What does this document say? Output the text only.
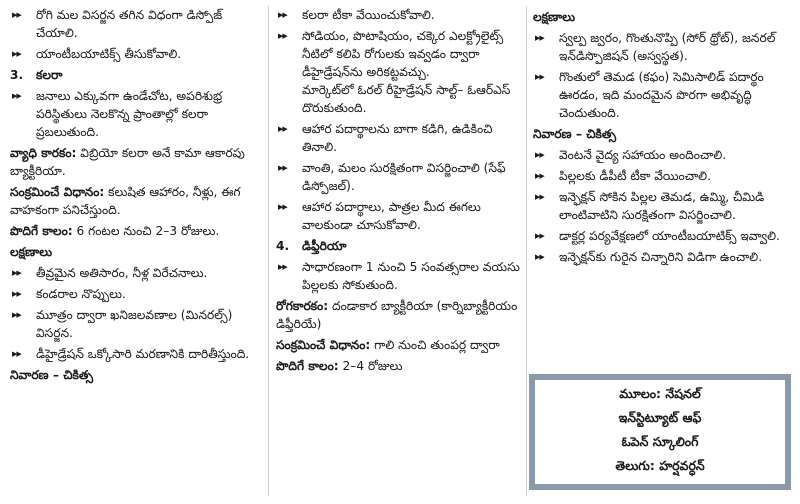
▶▶ రోగి మల విసర్జన తగిన విధంగా డిస్పోజ్‌ చేయాలి.
▶▶ యాంటీబయాటిక్స్‌ తీసుకోవాలి.
3. కలరా
▶▶ జనాలు ఎక్కువగా ఉండేచోట, అపరిశుభ్ర పరిస్థితులు నెలకొన్న ప్రాంతాల్లో కలరా ప్రబలుతుంది.
వ్యాధి కారకం: విబ్రియో కలరా అనే కామా ఆకారపు బ్యాక్టీరియా.
సంక్రమించే విధానం: కలుషిత ఆహారం, నీళ్లు, ఈగ వాహకంగా పనిచేస్తుంది.
పొదిగే కాలం: 6 గంటల నుంచి 2–3 రోజులు.
లక్షణాలు
▶▶ తీవ్రమైన అతిసారం, నీళ్ల విరేచనాలు.
▶▶ కండరాల నొప్పులు.
▶▶ మూత్రం ద్వారా ఖనిజలవణాల (మినరల్స్‌) విసర్జన.
▶▶ డీహైడ్రేషన్‌ ఒక్కోసారి మరణానికి దారితీస్తుంది.
నివారణ – చికిత్స
▶▶ కలరా టీకా వేయించుకోవాలి.
▶▶ సోడియం, పొటాషియం, చక్కెర ఎలక్ట్రోలైట్స్‌ నీటిలో కలిపి రోగులకు ఇవ్వడం ద్వారా డీహైడ్రేషన్‌ను అరికట్టవచ్చు.
మార్కెట్‌లో ఓరల్‌ రీహైడ్రేషన్‌ సాల్ట్‌– ఓఆర్‌ఎస్‌ దొరుకుతుంది.
▶▶ ఆహార పదార్థాలను బాగా కడిగి, ఉడికించి తినాలి.
▶▶ వాంతి, మలం సురక్షితంగా విసర్జించాలి (సేఫ్‌ డిస్పోజల్‌).
▶▶ ఆహార పదార్థాలు, పాత్రల మీద ఈగలు వాలకుండా చూసుకోవాలి.
4. డిఫ్తీరియా
▶▶ సాధారణంగా 1 నుంచి 5 సంవత్సరాల వయసు పిల్లలకు సోకుతుంది.
రోగకారకం: దండాకార బ్యాక్టీరియా (కార్నిబ్యాక్టీరియం డిఫ్తీరియే)
సంక్రమించే విధానం: గాలి నుంచి తుంపర్ల ద్వారా
పొదిగే కాలం: 2–4 రోజులు
లక్షణాలు
▶▶ స్వల్ప జ్వరం, గొంతునొప్పి (సోర్‌ థ్రోట్‌), జనరల్‌ ఇన్‌డిస్పొజిషన్‌ (అస్వస్థత).
▶▶ గొంతులో తెమడ (కఫం) సెమిసాలిడ్‌ పదార్థం ఊరడం, ఇది మందమైన పొరగా అభివృద్ధి చెందుతుంది.
నివారణ – చికిత్స
▶▶ వెంటనే వైద్య సహాయం అందించాలి.
▶▶ పిల్లలకు డీపీటీ టీకా వేయించాలి.
▶▶ ఇన్ఫెక్షన్‌ సోకిన పిల్లల తెమడ, ఉమ్మి, చీమిడి లాంటివాటిని సురక్షితంగా విసర్జించాలి.
▶▶ డాక్టర్ల పర్యవేక్షణలో యాంటీబయాటిక్స్‌ ఇవ్వాలి.
▶▶ ఇన్ఫెక్షన్‌కు గురైన చిన్నారిని విడిగా ఉంచాలి.
మూలం: నేషనల్‌
ఇన్‌స్టిట్యూట్‌ ఆఫ్‌
ఓపెన్‌ స్కూలింగ్‌
తెలుగు: హర్షవర్ధన్‌
